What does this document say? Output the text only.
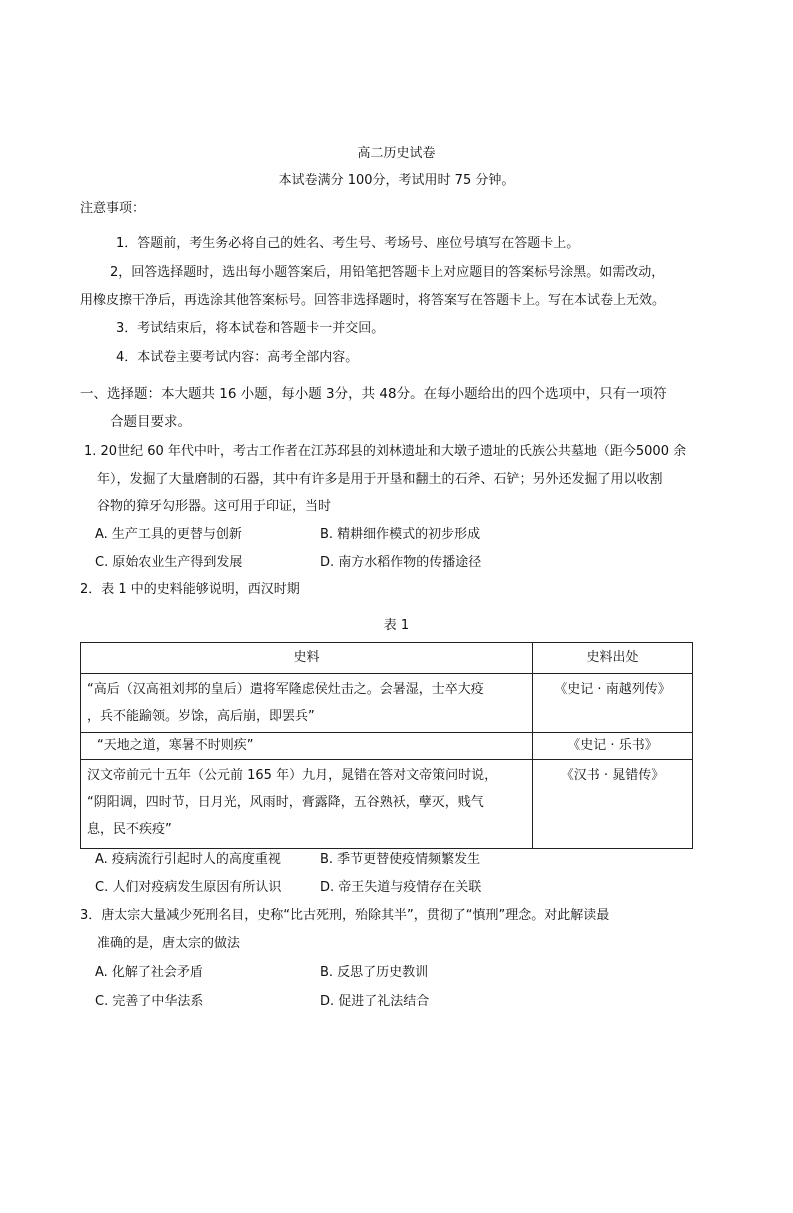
高二历史试卷
本试卷满分 100分，考试用时 75 分钟。
注意事项：
1．答题前，考生务必将自己的姓名、考生号、考场号、座位号填写在答题卡上。
2，回答选择题时，选出每小题答案后，用铅笔把答题卡上对应题目的答案标号涂黑。如需改动，
用橡皮擦干净后，再选涂其他答案标号。回答非选择题时，将答案写在答题卡上。写在本试卷上无效。
3．考试结束后，将本试卷和答题卡一并交回。
4．本试卷主要考试内容：高考全部内容。
一、选择题：本大题共 16 小题，每小题 3分，共 48分。在每小题给出的四个选项中，只有一项符
合题目要求。
1. 20世纪 60 年代中叶，考古工作者在江苏邳县的刘林遗址和大墩子遗址的氏族公共墓地（距今5000 余
年），发掘了大量磨制的石器，其中有许多是用于开垦和翻土的石斧、石铲；另外还发掘了用以收割
谷物的獐牙勾形器。这可用于印证，当时
A. 生产工具的更替与创新	B. 精耕细作模式的初步形成
C. 原始农业生产得到发展	D. 南方水稻作物的传播途径
2．表 1 中的史料能够说明，西汉时期
表 1
史料	史料出处

“高后（汉高祖刘邦的皇后）遣将军隆虑侯灶击之。会暑湿，士卒大疫
，兵不能踰领。岁馀，高后崩，即罢兵”	《史记 · 南越列传》

“天地之道，寒暑不时则疾”	《史记 · 乐书》

汉文帝前元十五年（公元前 165 年）九月，晁错在答对文帝策问时说，
“阴阳调，四时节，日月光，风雨时，膏露降，五谷熟袄，孽灭，贱气
息，民不疾疫”	《汉书 · 晁错传》
A. 疫病流行引起时人的高度重视	B. 季节更替使疫情频繁发生
C. 人们对疫病发生原因有所认识	D. 帝王失道与疫情存在关联
3．唐太宗大量减少死刑名目，史称“比古死刑，殆除其半”，贯彻了“慎刑”理念。对此解读最
准确的是，唐太宗的做法
A. 化解了社会矛盾	B. 反思了历史教训
C. 完善了中华法系	D. 促进了礼法结合
